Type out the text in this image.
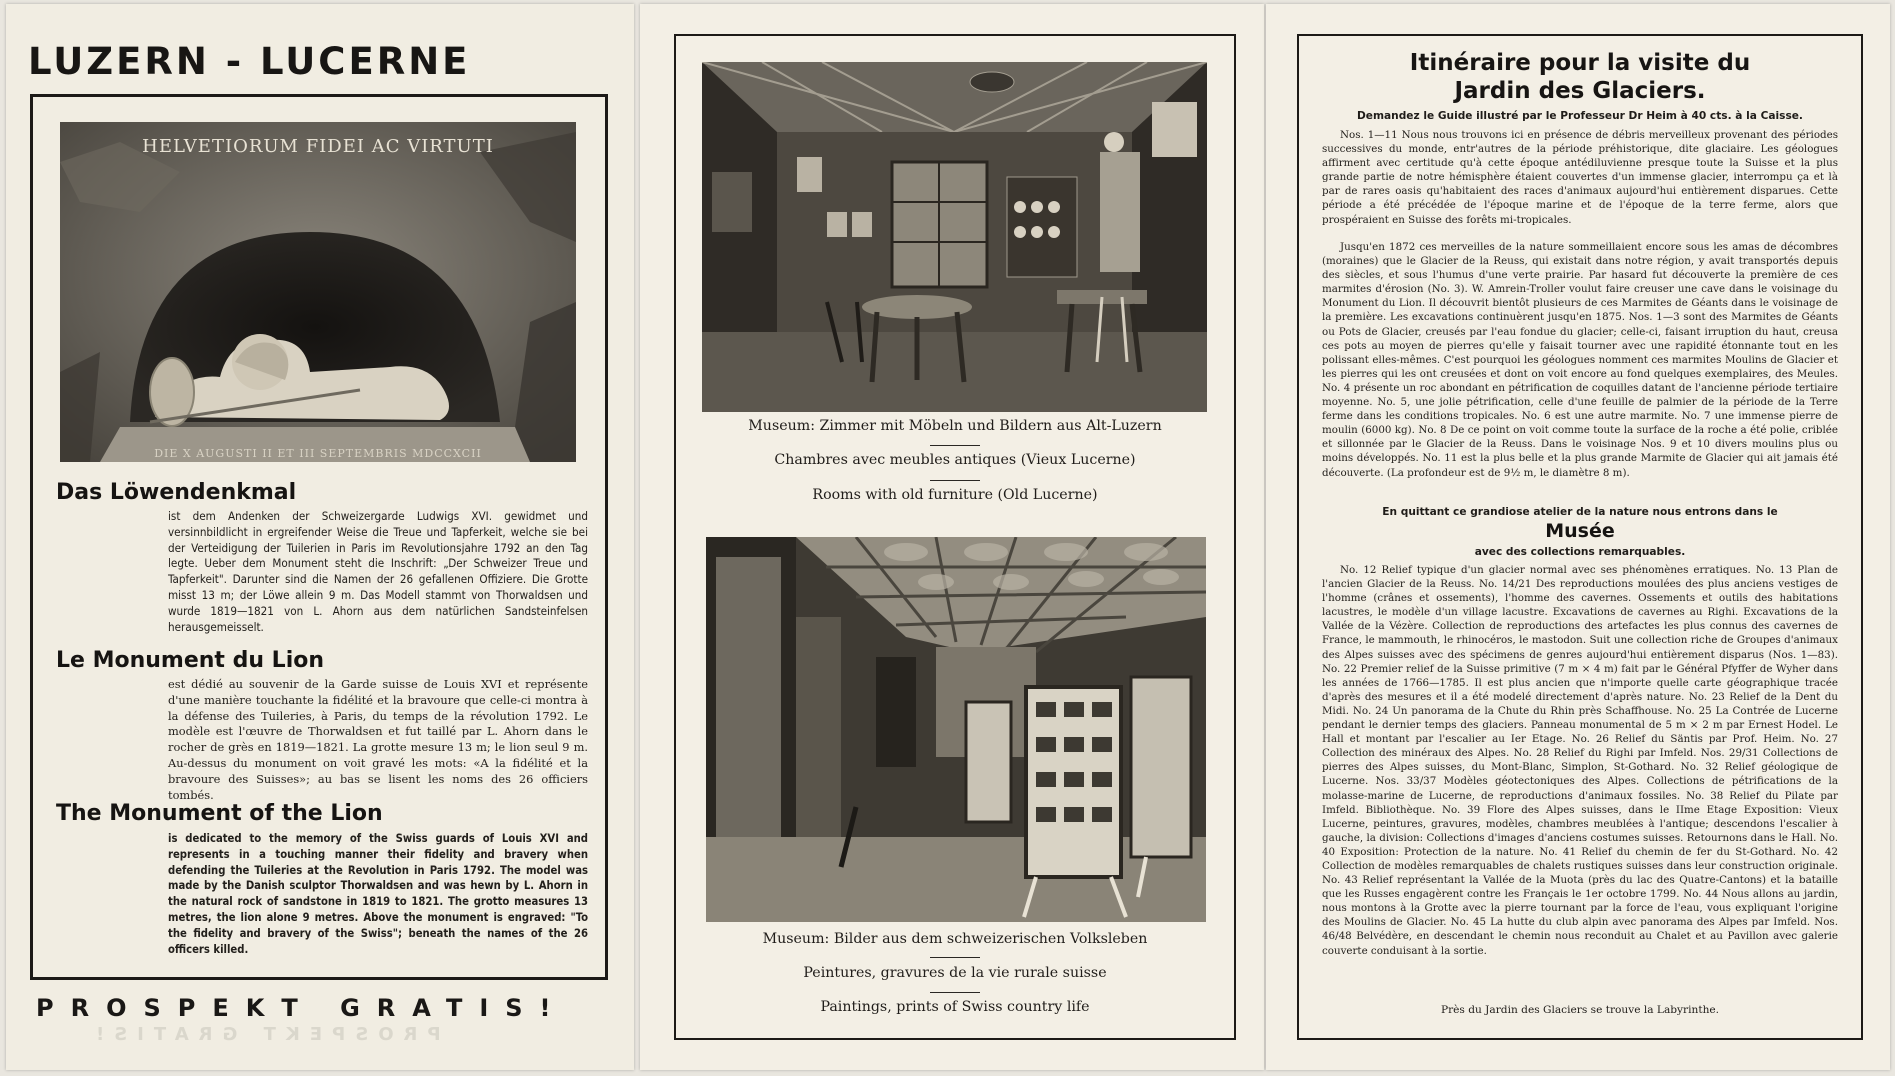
LUZERN - LUCERNE
HELVETIORUM FIDEI AC VIRTUTI
DIE X AUGUSTI II ET III SEPTEMBRIS MDCCXCII
Das Löwendenkmal
ist dem Andenken der Schweizergarde Ludwigs XVI. gewidmet und versinnbildlicht in ergreifender Weise die Treue und Tapferkeit, welche sie bei der Verteidigung der Tuilerien in Paris im Revolutionsjahre 1792 an den Tag legte. Ueber dem Monument steht die Inschrift: „Der Schweizer Treue und Tapferkeit". Darunter sind die Namen der 26 gefallenen Offiziere. Die Grotte misst 13 m; der Löwe allein 9 m. Das Modell stammt von Thorwaldsen und wurde 1819—1821 von L. Ahorn aus dem natürlichen Sandsteinfelsen herausgemeisselt.
Le Monument du Lion
est dédié au souvenir de la Garde suisse de Louis XVI et représente d'une manière touchante la fidélité et la bravoure que celle-ci montra à la défense des Tuileries, à Paris, du temps de la révolution 1792. Le modèle est l'œuvre de Thorwaldsen et fut taillé par L. Ahorn dans le rocher de grès en 1819—1821. La grotte mesure 13 m; le lion seul 9 m. Au-dessus du monument on voit gravé les mots: «A la fidélité et la bravoure des Suisses»; au bas se lisent les noms des 26 officiers tombés.
The Monument of the Lion
is dedicated to the memory of the Swiss guards of Louis XVI and represents in a touching manner their fidelity and bravery when defending the Tuileries at the Revolution in Paris 1792. The model was made by the Danish sculptor Thorwaldsen and was hewn by L. Ahorn in the natural rock of sandstone in 1819 to 1821. The grotto measures 13 metres, the lion alone 9 metres. Above the monument is engraved: "To the fidelity and bravery of the Swiss"; beneath the names of the 26 officers killed.
PROSPEKT GRATIS!
PROSPEKT GRATIS!
Museum: Zimmer mit Möbeln und Bildern aus Alt-Luzern
Chambres avec meubles antiques (Vieux Lucerne)
Rooms with old furniture (Old Lucerne)
Museum: Bilder aus dem schweizerischen Volksleben
Peintures, gravures de la vie rurale suisse
Paintings, prints of Swiss country life
Itinéraire pour la visite du
Jardin des Glaciers.
Demandez le Guide illustré par le Professeur Dr Heim à 40 cts. à la Caisse.
Nos. 1—11 Nous nous trouvons ici en présence de débris merveilleux provenant des périodes successives du monde, entr'autres de la période préhistorique, dite glaciaire. Les géologues affirment avec certitude qu'à cette époque antédiluvienne presque toute la Suisse et la plus grande partie de notre hémisphère étaient couvertes d'un immense glacier, interrompu ça et là par de rares oasis qu'habitaient des races d'animaux aujourd'hui entièrement disparues. Cette période a été précédée de l'époque marine et de l'époque de la terre ferme, alors que prospéraient en Suisse des forêts mi-tropicales.
Jusqu'en 1872 ces merveilles de la nature sommeillaient encore sous les amas de décombres (moraines) que le Glacier de la Reuss, qui existait dans notre région, y avait transportés depuis des siècles, et sous l'humus d'une verte prairie. Par hasard fut découverte la première de ces marmites d'érosion (No. 3). W. Amrein-Troller voulut faire creuser une cave dans le voisinage du Monument du Lion. Il découvrit bientôt plusieurs de ces Marmites de Géants dans le voisinage de la première. Les excavations continuèrent jusqu'en 1875. Nos. 1—3 sont des Marmites de Géants ou Pots de Glacier, creusés par l'eau fondue du glacier; celle-ci, faisant irruption du haut, creusa ces pots au moyen de pierres qu'elle y faisait tourner avec une rapidité étonnante tout en les polissant elles-mêmes. C'est pourquoi les géologues nomment ces marmites Moulins de Glacier et les pierres qui les ont creusées et dont on voit encore au fond quelques exemplaires, des Meules. No. 4 présente un roc abondant en pétrification de coquilles datant de l'ancienne période tertiaire moyenne. No. 5, une jolie pétrification, celle d'une feuille de palmier de la période de la Terre ferme dans les conditions tropicales. No. 6 est une autre marmite. No. 7 une immense pierre de moulin (6000 kg). No. 8 De ce point on voit comme toute la surface de la roche a été polie, criblée et sillonnée par le Glacier de la Reuss. Dans le voisinage Nos. 9 et 10 divers moulins plus ou moins développés. No. 11 est la plus belle et la plus grande Marmite de Glacier qui ait jamais été découverte. (La profondeur est de 9½ m, le diamètre 8 m).
En quittant ce grandiose atelier de la nature nous entrons dans le
Musée
avec des collections remarquables.
No. 12 Relief typique d'un glacier normal avec ses phénomènes erratiques. No. 13 Plan de l'ancien Glacier de la Reuss. No. 14/21 Des reproductions moulées des plus anciens vestiges de l'homme (crânes et ossements), l'homme des cavernes. Ossements et outils des habitations lacustres, le modèle d'un village lacustre. Excavations de cavernes au Righi. Excavations de la Vallée de la Vézère. Collection de reproductions des artefactes les plus connus des cavernes de France, le mammouth, le rhinocéros, le mastodon. Suit une collection riche de Groupes d'animaux des Alpes suisses avec des spécimens de genres aujourd'hui entièrement disparus (Nos. 1—83). No. 22 Premier relief de la Suisse primitive (7 m × 4 m) fait par le Général Pfyffer de Wyher dans les années de 1766—1785. Il est plus ancien que n'importe quelle carte géographique tracée d'après des mesures et il a été modelé directement d'après nature. No. 23 Relief de la Dent du Midi. No. 24 Un panorama de la Chute du Rhin près Schaffhouse. No. 25 La Contrée de Lucerne pendant le dernier temps des glaciers. Panneau monumental de 5 m × 2 m par Ernest Hodel. Le Hall et montant par l'escalier au Ier Etage. No. 26 Relief du Säntis par Prof. Heim. No. 27 Collection des minéraux des Alpes. No. 28 Relief du Righi par Imfeld. Nos. 29/31 Collections de pierres des Alpes suisses, du Mont-Blanc, Simplon, St-Gothard. No. 32 Relief géologique de Lucerne. Nos. 33/37 Modèles géotectoniques des Alpes. Collections de pétrifications de la molasse-marine de Lucerne, de reproductions d'animaux fossiles. No. 38 Relief du Pilate par Imfeld. Bibliothèque. No. 39 Flore des Alpes suisses, dans le IIme Etage Exposition: Vieux Lucerne, peintures, gravures, modèles, chambres meublées à l'antique; descendons l'escalier à gauche, la division: Collections d'images d'anciens costumes suisses. Retournons dans le Hall. No. 40 Exposition: Protection de la nature. No. 41 Relief du chemin de fer du St-Gothard. No. 42 Collection de modèles remarquables de chalets rustiques suisses dans leur construction originale. No. 43 Relief représentant la Vallée de la Muota (près du lac des Quatre-Cantons) et la bataille que les Russes engagèrent contre les Français le 1er octobre 1799. No. 44 Nous allons au jardin, nous montons à la Grotte avec la pierre tournant par la force de l'eau, vous expliquant l'origine des Moulins de Glacier. No. 45 La hutte du club alpin avec panorama des Alpes par Imfeld. Nos. 46/48 Belvédère, en descendant le chemin nous reconduit au Chalet et au Pavillon avec galerie couverte conduisant à la sortie.
Près du Jardin des Glaciers se trouve la Labyrinthe.
